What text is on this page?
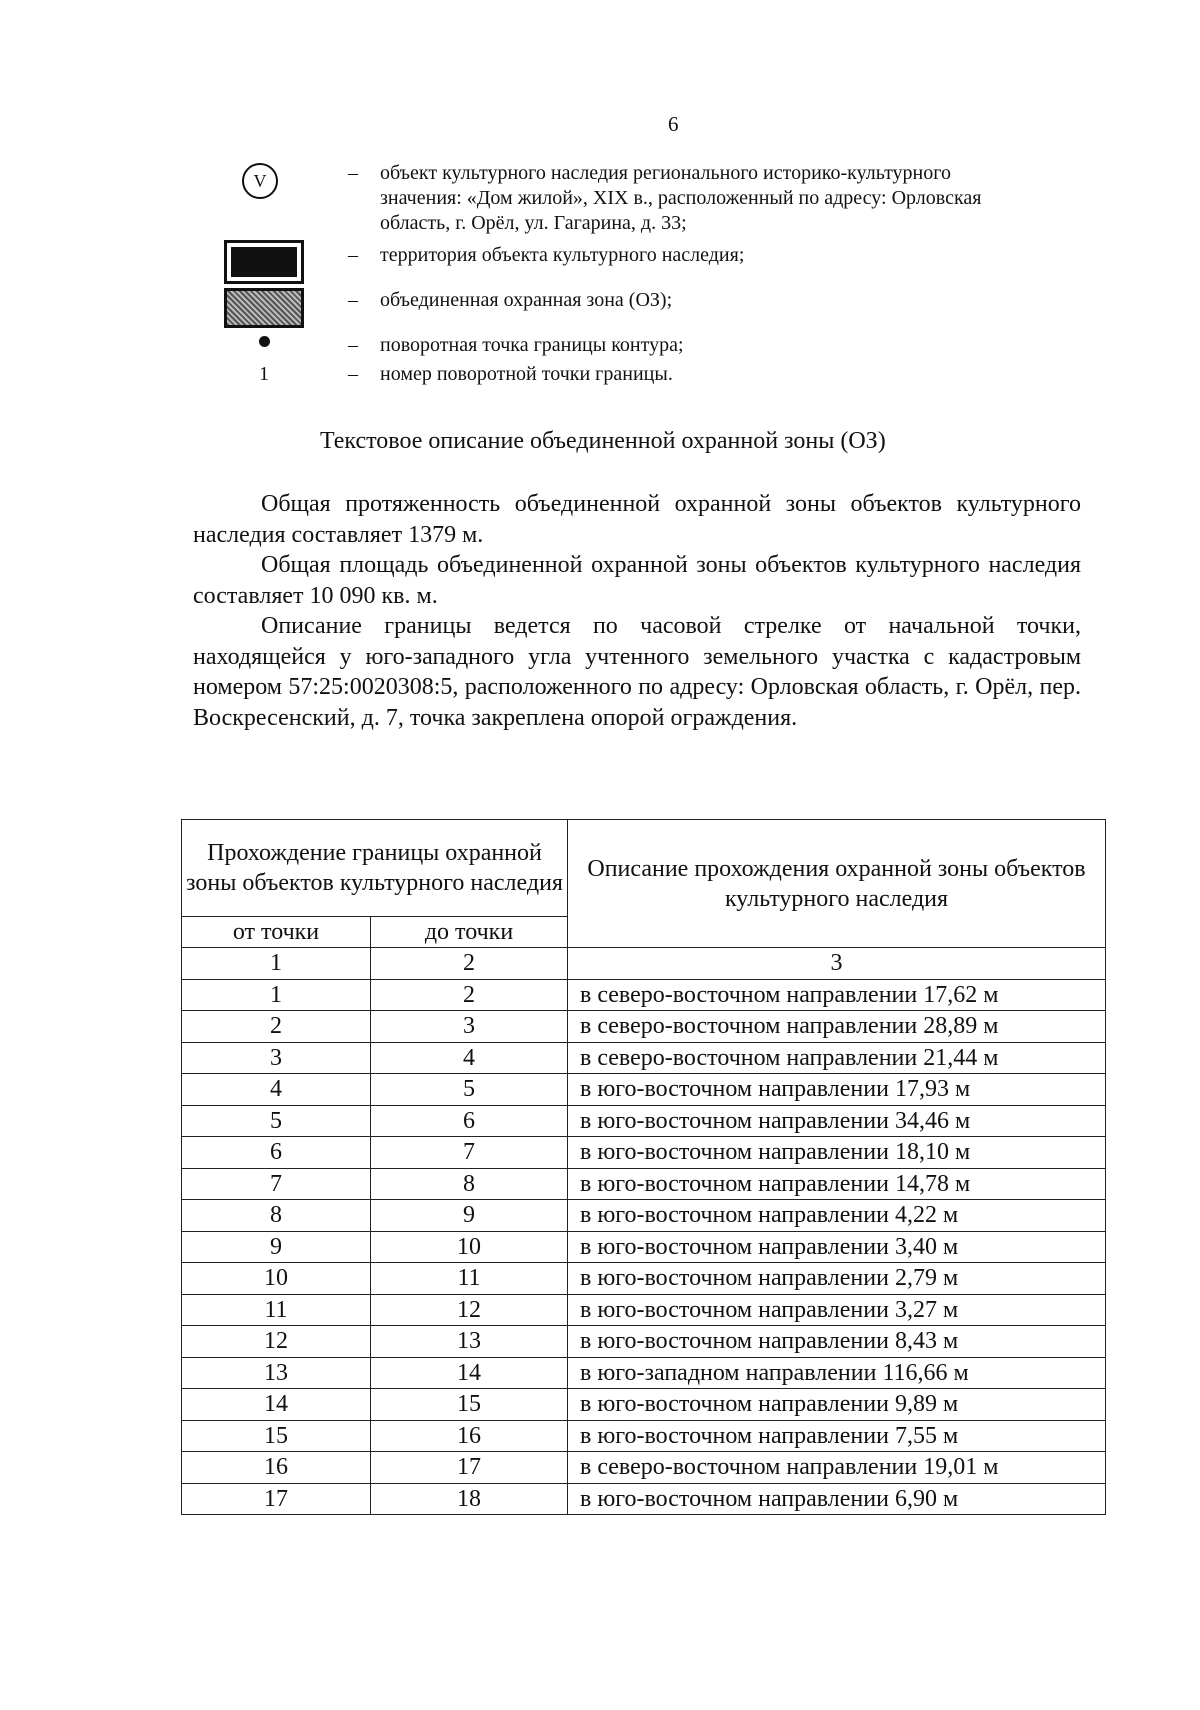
6
V
1
– объект культурного наследия регионального историко-культурного
значения: «Дом жилой», XIX в., расположенный по адресу: Орловская
область, г. Орёл, ул. Гагарина, д. 33;
– территория объекта культурного наследия;
– объединенная охранная зона (ОЗ);
– поворотная точка границы контура;
– номер поворотной точки границы.
Текстовое описание объединенной охранной зоны (ОЗ)
Общая протяженность объединенной охранной зоны объектов культурного наследия составляет 1379 м.
Общая площадь объединенной охранной зоны объектов культурного наследия составляет 10 090 кв. м.
Описание границы ведется по часовой стрелке от начальной точки, находящейся у юго-западного угла учтенного земельного участка с кадастровым номером 57:25:0020308:5, расположенного по адресу: Орловская область, г. Орёл, пер. Воскресенский, д. 7, точка закреплена опорой ограждения.
Прохождение границы охранной зоны объектов культурного наследия		Описание прохождения охранной зоны объектов культурного наследия
от точки	до точки	
1	2	3
1	2	в северо-восточном направлении 17,62 м
2	3	в северо-восточном направлении 28,89 м
3	4	в северо-восточном направлении 21,44 м
4	5	в юго-восточном направлении 17,93 м
5	6	в юго-восточном направлении 34,46 м
6	7	в юго-восточном направлении 18,10 м
7	8	в юго-восточном направлении 14,78 м
8	9	в юго-восточном направлении 4,22 м
9	10	в юго-восточном направлении 3,40 м
10	11	в юго-восточном направлении 2,79 м
11	12	в юго-восточном направлении 3,27 м
12	13	в юго-восточном направлении 8,43 м
13	14	в юго-западном направлении 116,66 м
14	15	в юго-восточном направлении 9,89 м
15	16	в юго-восточном направлении 7,55 м
16	17	в северо-восточном направлении 19,01 м
17	18	в юго-восточном направлении 6,90 м
